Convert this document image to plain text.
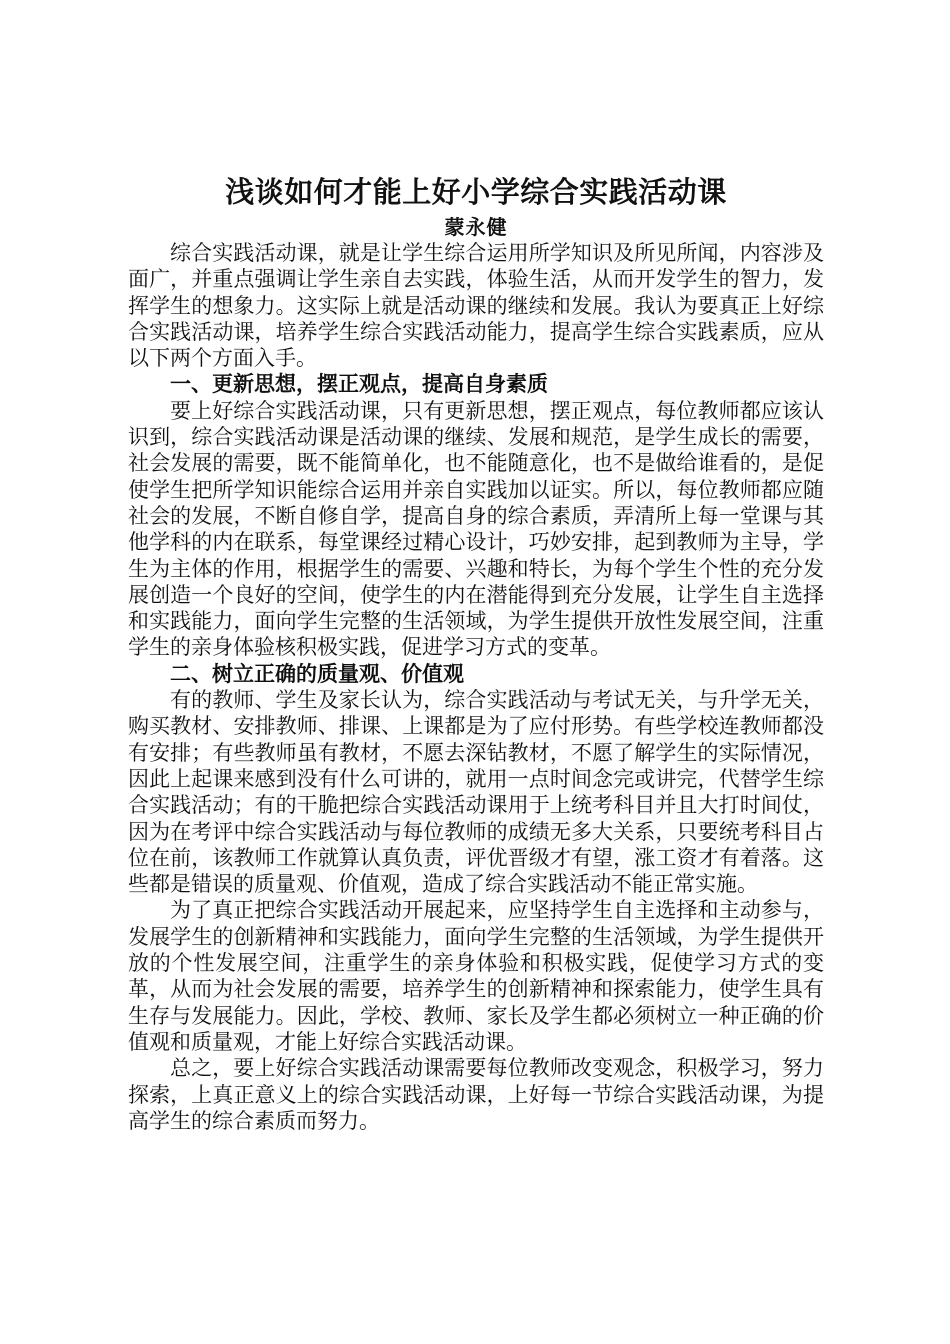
浅谈如何才能上好小学综合实践活动课
蒙永健

综合实践活动课，就是让学生综合运用所学知识及所见所闻，内容涉及面广，并重点强调让学生亲自去实践，体验生活，从而开发学生的智力，发挥学生的想象力。这实际上就是活动课的继续和发展。我认为要真正上好综合实践活动课，培养学生综合实践活动能力，提高学生综合实践素质，应从以下两个方面入手。

一、更新思想，摆正观点，提高自身素质

要上好综合实践活动课，只有更新思想，摆正观点，每位教师都应该认识到，综合实践活动课是活动课的继续、发展和规范，是学生成长的需要，社会发展的需要，既不能简单化，也不能随意化，也不是做给谁看的，是促使学生把所学知识能综合运用并亲自实践加以证实。所以，每位教师都应随社会的发展，不断自修自学，提高自身的综合素质，弄清所上每一堂课与其他学科的内在联系，每堂课经过精心设计，巧妙安排，起到教师为主导，学生为主体的作用，根据学生的需要、兴趣和特长，为每个学生个性的充分发展创造一个良好的空间，使学生的内在潜能得到充分发展，让学生自主选择和实践能力，面向学生完整的生活领域，为学生提供开放性发展空间，注重学生的亲身体验核积极实践，促进学习方式的变革。

二、树立正确的质量观、价值观

有的教师、学生及家长认为，综合实践活动与考试无关，与升学无关，购买教材、安排教师、排课、上课都是为了应付形势。有些学校连教师都没有安排；有些教师虽有教材，不愿去深钻教材，不愿了解学生的实际情况，因此上起课来感到没有什么可讲的，就用一点时间念完或讲完，代替学生综合实践活动；有的干脆把综合实践活动课用于上统考科目并且大打时间仗，因为在考评中综合实践活动与每位教师的成绩无多大关系，只要统考科目占位在前，该教师工作就算认真负责，评优晋级才有望，涨工资才有着落。这些都是错误的质量观、价值观，造成了综合实践活动不能正常实施。

为了真正把综合实践活动开展起来，应坚持学生自主选择和主动参与，发展学生的创新精神和实践能力，面向学生完整的生活领域，为学生提供开放的个性发展空间，注重学生的亲身体验和积极实践，促使学习方式的变革，从而为社会发展的需要，培养学生的创新精神和探索能力，使学生具有生存与发展能力。因此，学校、教师、家长及学生都必须树立一种正确的价值观和质量观，才能上好综合实践活动课。

总之，要上好综合实践活动课需要每位教师改变观念，积极学习，努力探索，上真正意义上的综合实践活动课，上好每一节综合实践活动课，为提高学生的综合素质而努力。
